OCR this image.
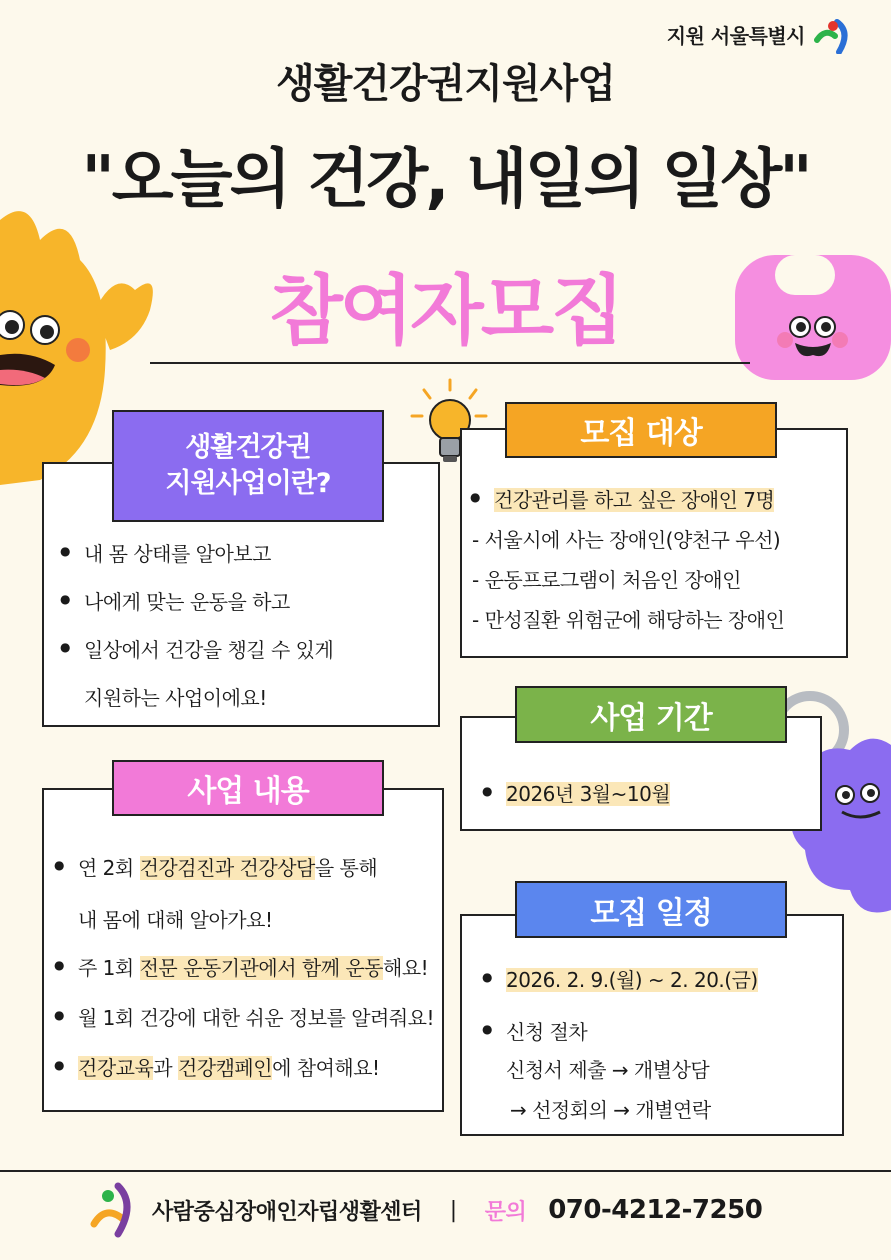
지원 서울특별시
생활건강권지원사업
"오늘의 건강, 내일의 일상"
참여자모집
● 내 몸 상태를 알아보고
● 나에게 맞는 운동을 하고
● 일상에서 건강을 챙길 수 있게
지원하는 사업이에요!
생활건강권
지원사업이란?
● 건강관리를 하고 싶은 장애인 7명
- 서울시에 사는 장애인(양천구 우선)
- 운동프로그램이 처음인 장애인
- 만성질환 위험군에 해당하는 장애인
모집 대상
● 2026년 3월~10월
사업 기간
● 연 2회 건강검진과 건강상담을 통해
내 몸에 대해 알아가요!
● 주 1회 전문 운동기관에서 함께 운동해요!
● 월 1회 건강에 대한 쉬운 정보를 알려줘요!
● 건강교육과 건강캠페인에 참여해요!
사업 내용
● 2026. 2. 9.(월) ~ 2. 20.(금)
● 신청 절차
신청서 제출 → 개별상담
→ 선정회의 → 개별연락
모집 일정
사람중심장애인자립생활센터 | 문의 070-4212-7250
